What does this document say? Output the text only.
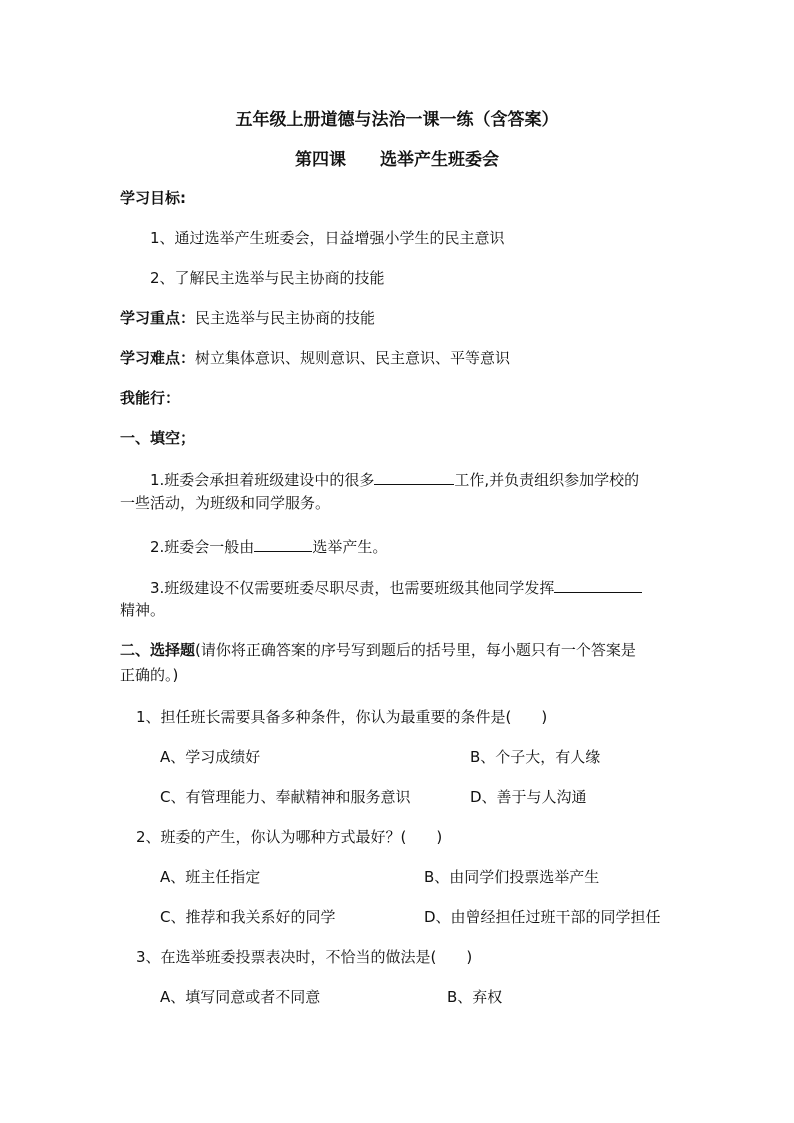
五年级上册道德与法治一课一练（含答案）
第四课 选举产生班委会
学习目标:
1、通过选举产生班委会，日益增强小学生的民主意识
2、了解民主选举与民主协商的技能
学习重点：民主选举与民主协商的技能
学习难点：树立集体意识、规则意识、民主意识、平等意识
我能行：
一、填空；
1.班委会承担着班级建设中的很多	工作,并负责组织参加学校的
一些活动，为班级和同学服务。
2.班委会一般由	选举产生。
3.班级建设不仅需要班委尽职尽责，也需要班级其他同学发挥
精神。
二、选择题(请你将正确答案的序号写到题后的括号里，每小题只有一个答案是
正确的。)
1、担任班长需要具备多种条件，你认为最重要的条件是(　　)
A、学习成绩好	B、个子大，有人缘
C、有管理能力、奉献精神和服务意识	D、善于与人沟通
2、班委的产生，你认为哪种方式最好？(　　)
A、班主任指定	B、由同学们投票选举产生
C、推荐和我关系好的同学	D、由曾经担任过班干部的同学担任
3、在选举班委投票表决时，不恰当的做法是(　　)
A、填写同意或者不同意	B、弃权
